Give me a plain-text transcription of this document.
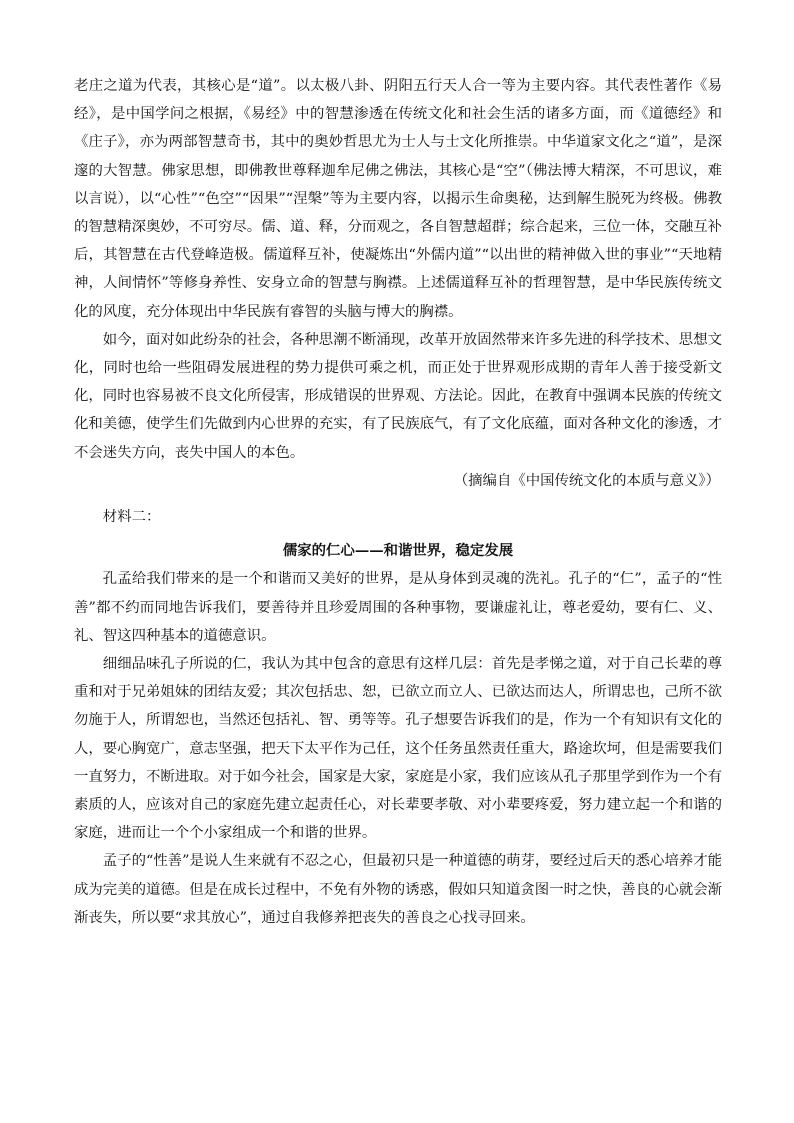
老庄之道为代表，其核心是“道”。以太极八卦、阴阳五行天人合一等为主要内容。其代表性著作《易经》，是中国学问之根据，《易经》中的智慧渗透在传统文化和社会生活的诸多方面，而《道德经》和《庄子》，亦为两部智慧奇书，其中的奥妙哲思尤为士人与士文化所推崇。中华道家文化之“道”，是深邃的大智慧。佛家思想，即佛教世尊释迦牟尼佛之佛法，其核心是“空”（佛法博大精深，不可思议，难以言说），以“心性”“色空”“因果”“涅槃”等为主要内容，以揭示生命奥秘，达到解生脱死为终极。佛教的智慧精深奥妙，不可穷尽。儒、道、释，分而观之，各自智慧超群；综合起来，三位一体，交融互补后，其智慧在古代登峰造极。儒道释互补，使凝炼出“外儒内道”“以出世的精神做入世的事业”“天地精神，人间情怀”等修身养性、安身立命的智慧与胸襟。上述儒道释互补的哲理智慧，是中华民族传统文化的风度，充分体现出中华民族有睿智的头脑与博大的胸襟。

如今，面对如此纷杂的社会，各种思潮不断涌现，改革开放固然带来许多先进的科学技术、思想文化，同时也给一些阻碍发展进程的势力提供可乘之机，而正处于世界观形成期的青年人善于接受新文化，同时也容易被不良文化所侵害，形成错误的世界观、方法论。因此，在教育中强调本民族的传统文化和美德，使学生们先做到内心世界的充实，有了民族底气，有了文化底蕴，面对各种文化的渗透，才不会迷失方向，丧失中国人的本色。

（摘编自《中国传统文化的本质与意义》）

材料二：

儒家的仁心——和谐世界，稳定发展

孔孟给我们带来的是一个和谐而又美好的世界，是从身体到灵魂的洗礼。孔子的“仁”，孟子的“性善”都不约而同地告诉我们，要善待并且珍爱周围的各种事物，要谦虚礼让，尊老爱幼，要有仁、义、礼、智这四种基本的道德意识。

细细品味孔子所说的仁，我认为其中包含的意思有这样几层：首先是孝悌之道，对于自己长辈的尊重和对于兄弟姐妹的团结友爱；其次包括忠、恕，已欲立而立人、已欲达而达人，所谓忠也，己所不欲勿施于人，所谓恕也，当然还包括礼、智、勇等等。孔子想要告诉我们的是，作为一个有知识有文化的人，要心胸宽广，意志坚强，把天下太平作为己任，这个任务虽然责任重大，路途坎坷，但是需要我们一直努力，不断进取。对于如今社会，国家是大家，家庭是小家，我们应该从孔子那里学到作为一个有素质的人，应该对自己的家庭先建立起责任心，对长辈要孝敬、对小辈要疼爱，努力建立起一个和谐的家庭，进而让一个个小家组成一个和谐的世界。

孟子的“性善”是说人生来就有不忍之心，但最初只是一种道德的萌芽，要经过后天的悉心培养才能成为完美的道德。但是在成长过程中，不免有外物的诱惑，假如只知道贪图一时之快，善良的心就会渐渐丧失，所以要“求其放心”，通过自我修养把丧失的善良之心找寻回来。
